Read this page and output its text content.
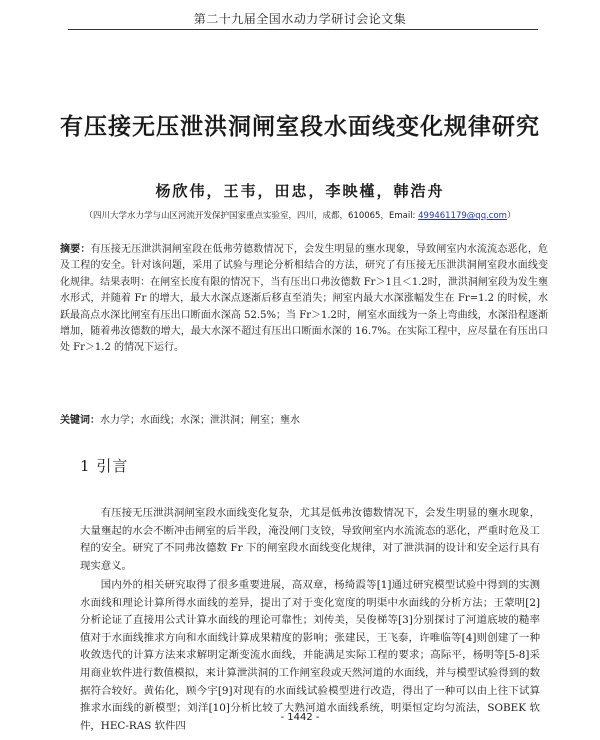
第二十九届全国水动力学研讨会论文集
有压接无压泄洪洞闸室段水面线变化规律研究
杨欣伟，王韦，田忠，李映槿，韩浩舟
（四川大学水力学与山区河流开发保护国家重点实验室，四川，成都，610065，Email: 499461179@qq.com）
摘要：有压接无压泄洪洞闸室段在低弗劳德数情况下，会发生明显的壅水现象，导致闸室内水流流态恶化，危及工程的安全。针对该问题，采用了试验与理论分析相结合的方法，研究了有压接无压泄洪洞闸室段水面线变化规律。结果表明：在闸室长度有限的情况下，当有压出口弗汝德数 Fr＞1且＜1.2时，泄洪洞闸室段为发生壅水形式，并随着 Fr 的增大，最大水深点逐渐后移直至消失；闸室内最大水深涨幅发生在 Fr=1.2 的时候，水跃最高点水深比闸室有压出口断面水深高 52.5%；当 Fr＞1.2时，闸室水面线为一条上弯曲线，水深沿程逐渐增加，随着弗汝德数的增大，最大水深不超过有压出口断面水深的 16.7%。在实际工程中，应尽量在有压出口处 Fr＞1.2 的情况下运行。
关键词：水力学；水面线；水深；泄洪洞；闸室；壅水
1 引言
有压接无压泄洪洞闸室段水面线变化复杂，尤其是低弗汝德数情况下，会发生明显的壅水现象，大量壅起的水会不断冲击闸室的后半段，淹没闸门支铰，导致闸室内水流流态的恶化，严重时危及工程的安全。研究了不同弗汝德数 Fr 下的闸室段水面线变化规律，对了泄洪洞的设计和安全运行具有现实意义。
国内外的相关研究取得了很多重要进展，高双章，杨绮霞等[1]通过研究模型试验中得到的实测水面线和理论计算所得水面线的差异，提出了对于变化宽度的明渠中水面线的分析方法；王蒙明[2]分析论证了直接用公式计算水面线的理论可靠性；刘传美，吴俊梯等[3]分别探讨了河道底坡的糙率值对于水面线推求方向和水面线计算成果精度的影响；张建民，王飞泰，许唯临等[4]则创建了一种收敛迭代的计算方法来求解明定渐变流水面线，并能满足实际工程的要求；高际平，杨明等[5-8]采用商业软件进行数值模拟，来计算泄洪洞的工作闸室段或天然河道的水面线，并与模型试验得到的数据符合较好。黄佑化，顾今宇[9]对现有的水面线试验模型进行改造，得出了一种可以由上往下试算推求水面线的新模型；刘洋[10]分析比较了大熟河道水面线系统，明渠恒定均匀流法，SOBEK 软件，HEC-RAS 软件四
- 1442 -
